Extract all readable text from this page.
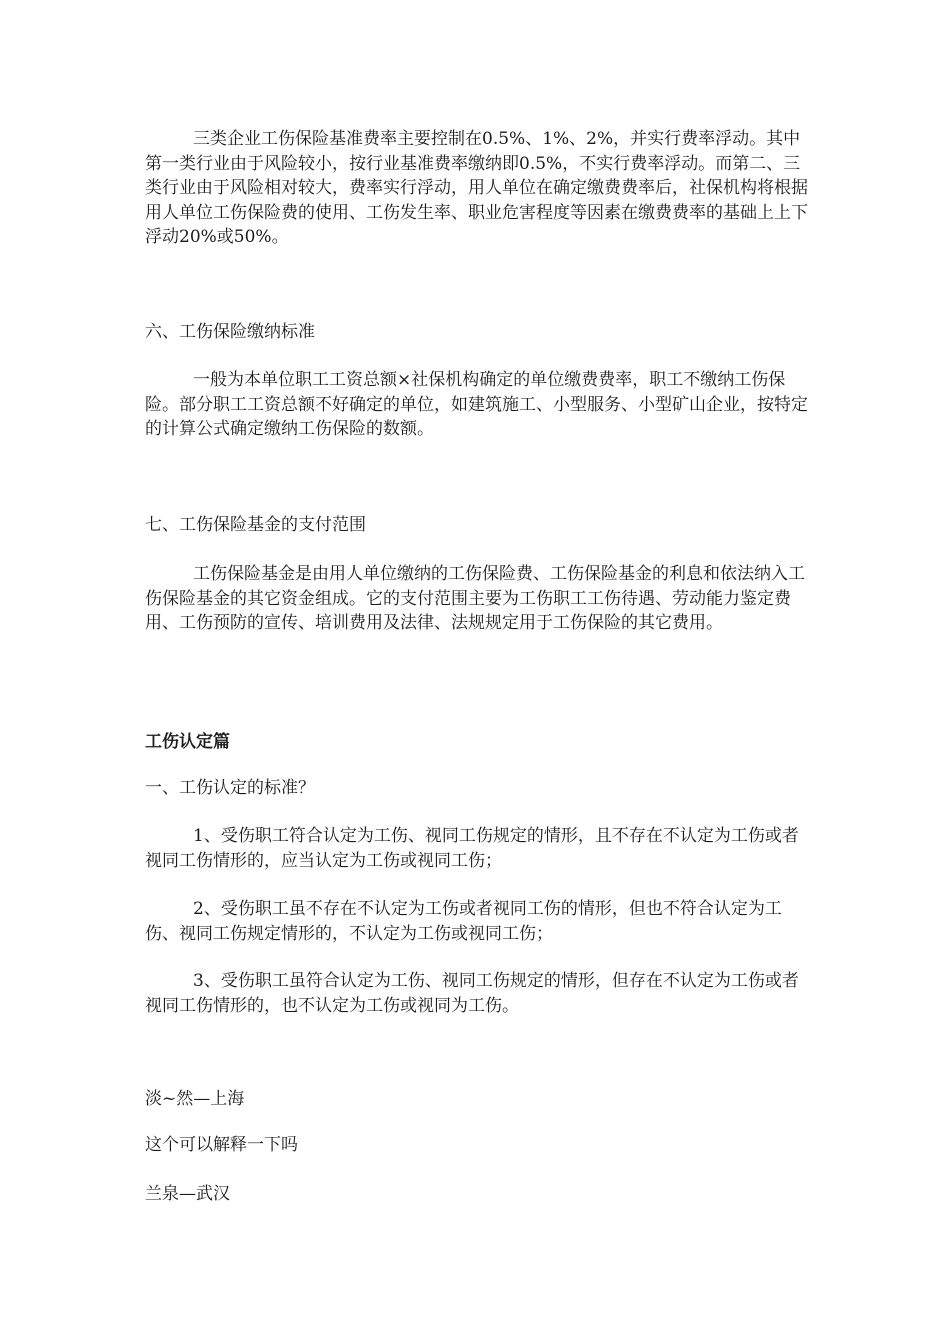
三类企业工伤保险基准费率主要控制在0.5%、1%、2%，并实行费率浮动。其中第一类行业由于风险较小，按行业基准费率缴纳即0.5%，不实行费率浮动。而第二、三类行业由于风险相对较大，费率实行浮动，用人单位在确定缴费费率后，社保机构将根据用人单位工伤保险费的使用、工伤发生率、职业危害程度等因素在缴费费率的基础上上下浮动20%或50%。

六、工伤保险缴纳标准

一般为本单位职工工资总额×社保机构确定的单位缴费费率，职工不缴纳工伤保险。部分职工工资总额不好确定的单位，如建筑施工、小型服务、小型矿山企业，按特定的计算公式确定缴纳工伤保险的数额。

七、工伤保险基金的支付范围

工伤保险基金是由用人单位缴纳的工伤保险费、工伤保险基金的利息和依法纳入工伤保险基金的其它资金组成。它的支付范围主要为工伤职工工伤待遇、劳动能力鉴定费用、工伤预防的宣传、培训费用及法律、法规规定用于工伤保险的其它费用。

工伤认定篇

一、工伤认定的标准？

1、受伤职工符合认定为工伤、视同工伤规定的情形，且不存在不认定为工伤或者视同工伤情形的，应当认定为工伤或视同工伤；

2、受伤职工虽不存在不认定为工伤或者视同工伤的情形，但也不符合认定为工伤、视同工伤规定情形的，不认定为工伤或视同工伤；

3、受伤职工虽符合认定为工伤、视同工伤规定的情形，但存在不认定为工伤或者视同工伤情形的，也不认定为工伤或视同为工伤。

淡~然—上海

这个可以解释一下吗

兰泉—武汉
